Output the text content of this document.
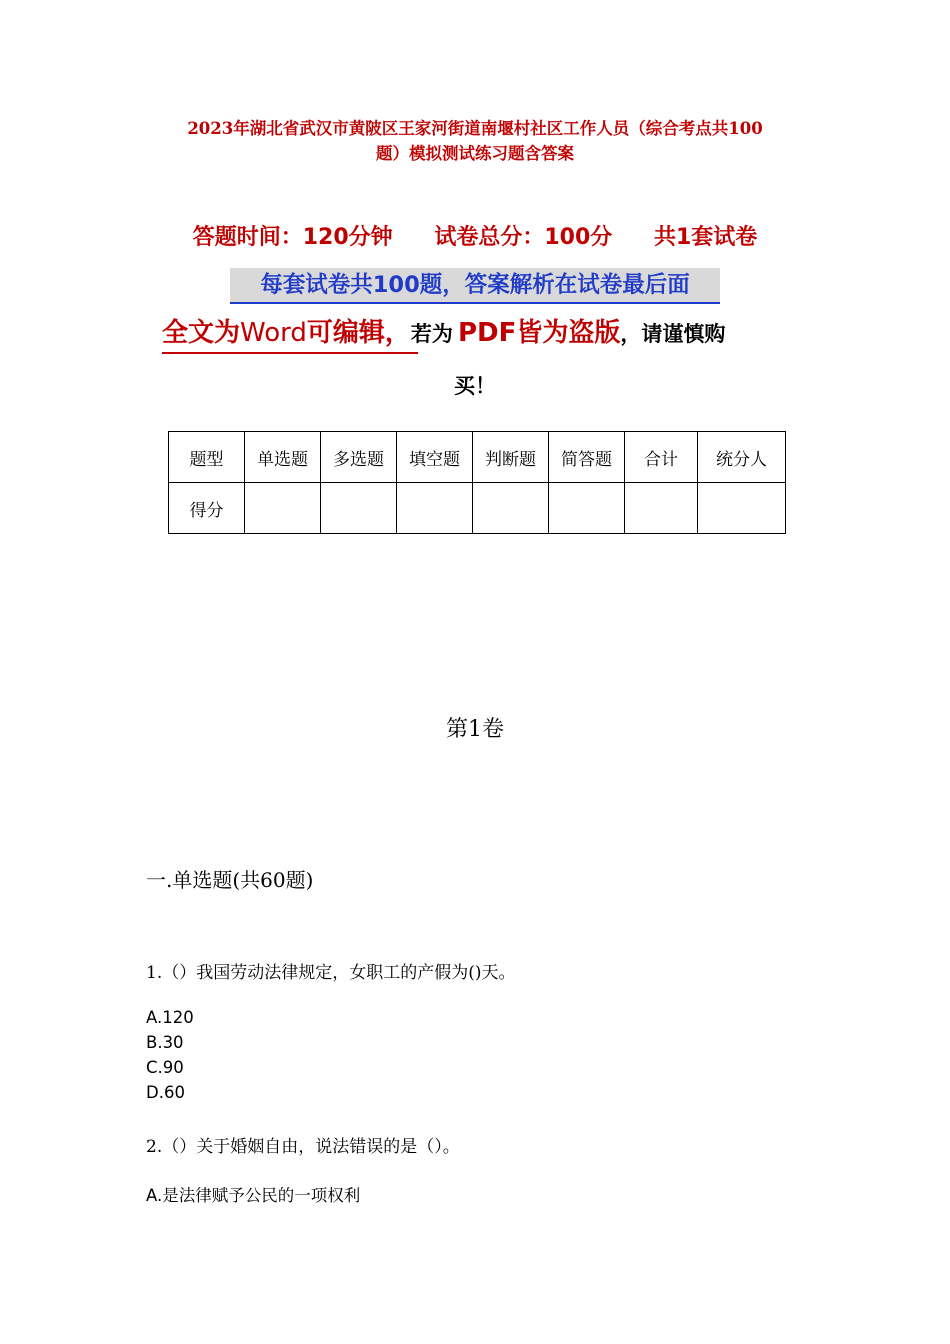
2023年湖北省武汉市黄陂区王家河街道南堰村社区工作人员（综合考点共100
题）模拟测试练习题含答案
答题时间：120分钟 试卷总分：100分 共1套试卷
每套试卷共100题，答案解析在试卷最后面
全文为Word可编辑，若为 PDF皆为盗版，请谨慎购
买！
题型	单选题	多选题	填空题	判断题	简答题	合计	统分人
得分							
第1卷
一.单选题(共60题)
1.（）我国劳动法律规定，女职工的产假为()天。
A.120
B.30
C.90
D.60
2.（）关于婚姻自由，说法错误的是（）。
A.是法律赋予公民的一项权利
